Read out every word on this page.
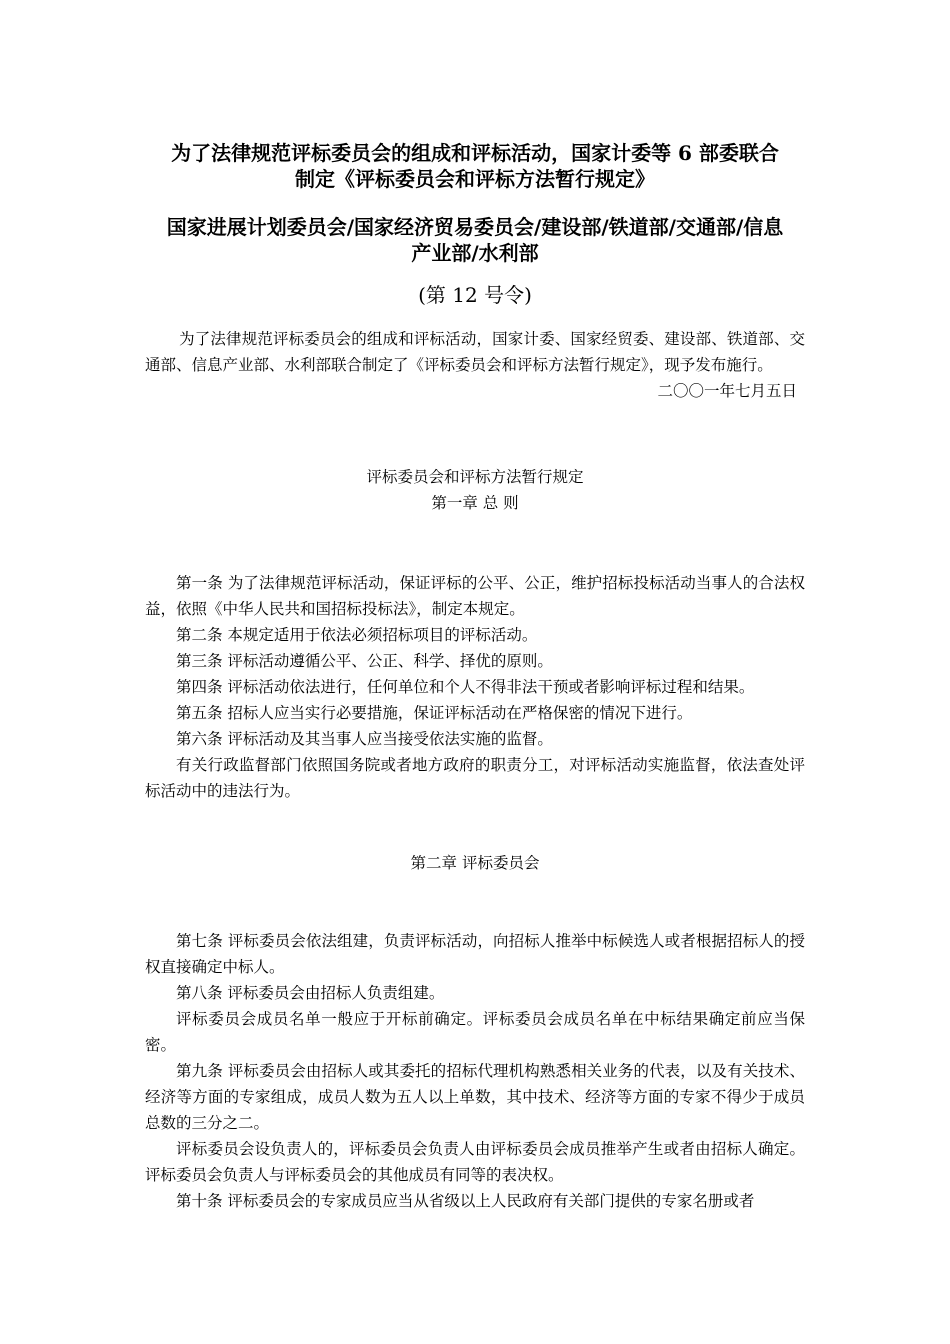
为了法律规范评标委员会的组成和评标活动，国家计委等 6 部委联合
制定《评标委员会和评标方法暂行规定》
国家进展计划委员会/国家经济贸易委员会/建设部/铁道部/交通部/信息
产业部/水利部
(第 12 号令)

为了法律规范评标委员会的组成和评标活动，国家计委、国家经贸委、建设部、铁道部、交通部、信息产业部、水利部联合制定了《评标委员会和评标方法暂行规定》，现予发布施行。

二〇〇一年七月五日

评标委员会和评标方法暂行规定

第一章 总 则

第一条 为了法律规范评标活动，保证评标的公平、公正，维护招标投标活动当事人的合法权益，依照《中华人民共和国招标投标法》，制定本规定。

第二条 本规定适用于依法必须招标项目的评标活动。

第三条 评标活动遵循公平、公正、科学、择优的原则。

第四条 评标活动依法进行，任何单位和个人不得非法干预或者影响评标过程和结果。

第五条 招标人应当实行必要措施，保证评标活动在严格保密的情况下进行。

第六条 评标活动及其当事人应当接受依法实施的监督。

有关行政监督部门依照国务院或者地方政府的职责分工，对评标活动实施监督，依法查处评标活动中的违法行为。

第二章 评标委员会

第七条 评标委员会依法组建，负责评标活动，向招标人推举中标候选人或者根据招标人的授权直接确定中标人。

第八条 评标委员会由招标人负责组建。

评标委员会成员名单一般应于开标前确定。评标委员会成员名单在中标结果确定前应当保密。

第九条 评标委员会由招标人或其委托的招标代理机构熟悉相关业务的代表，以及有关技术、经济等方面的专家组成，成员人数为五人以上单数，其中技术、经济等方面的专家不得少于成员总数的三分之二。

评标委员会设负责人的，评标委员会负责人由评标委员会成员推举产生或者由招标人确定。评标委员会负责人与评标委员会的其他成员有同等的表决权。

第十条 评标委员会的专家成员应当从省级以上人民政府有关部门提供的专家名册或者
